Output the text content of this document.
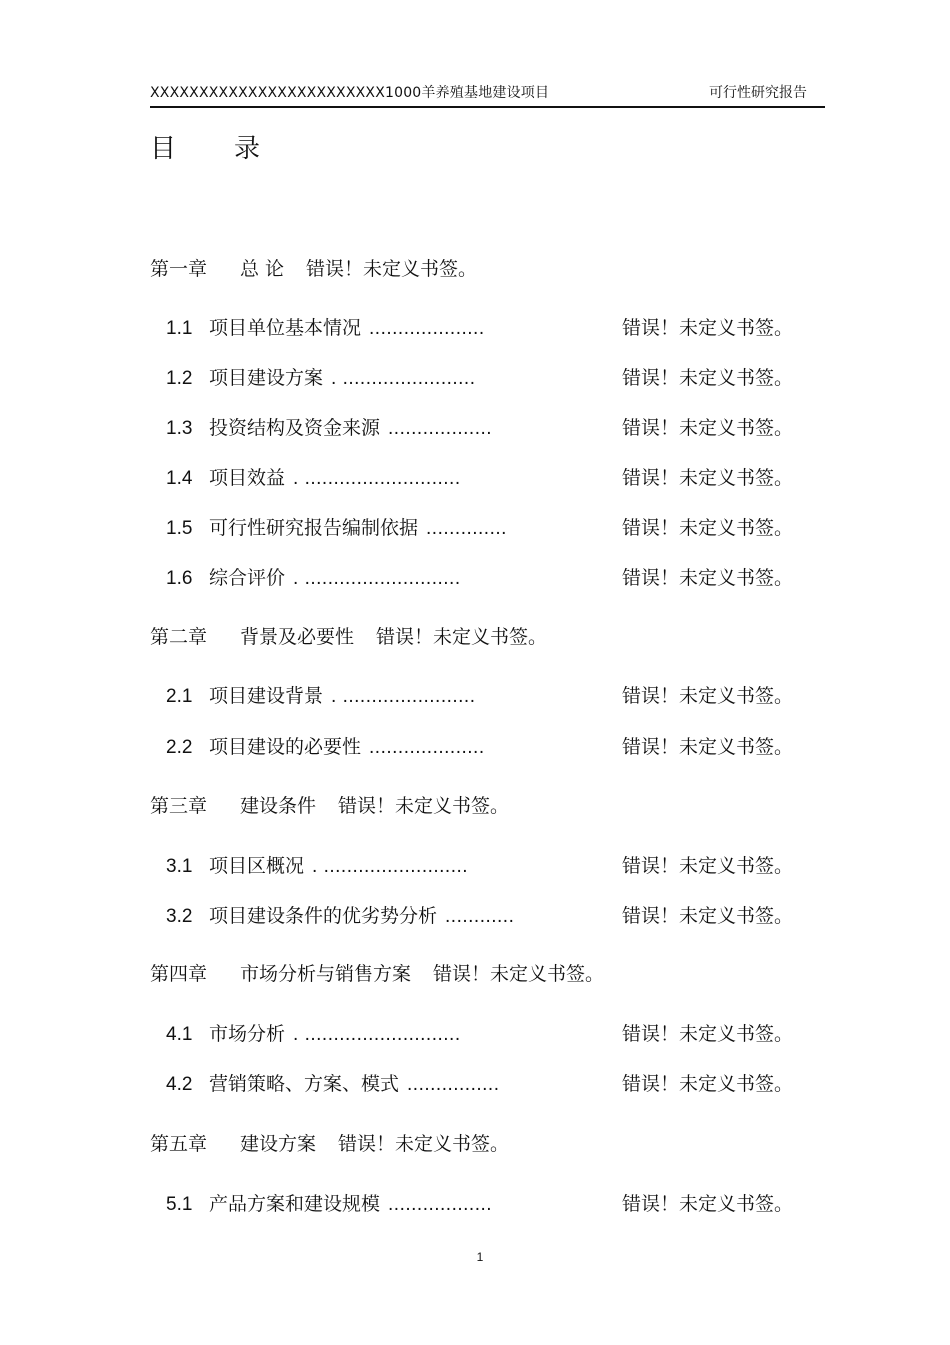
XXXXXXXXXXXXXXXXXXXXXXXX1000羊养殖基地建设项目	可行性研究报告
目 录
第一章 总 论 错误！未定义书签。
1.1 项目单位基本情况 ....................	错误！未定义书签。
1.2 项目建设方案 . .......................	错误！未定义书签。
1.3 投资结构及资金来源 ..................	错误！未定义书签。
1.4 项目效益 . ...........................	错误！未定义书签。
1.5 可行性研究报告编制依据 ..............	错误！未定义书签。
1.6 综合评价 . ...........................	错误！未定义书签。
第二章 背景及必要性 错误！未定义书签。
2.1 项目建设背景 . .......................	错误！未定义书签。
2.2 项目建设的必要性 ....................	错误！未定义书签。
第三章 建设条件 错误！未定义书签。
3.1 项目区概况 . .........................	错误！未定义书签。
3.2 项目建设条件的优劣势分析 ............	错误！未定义书签。
第四章 市场分析与销售方案 错误！未定义书签。
4.1 市场分析 . ...........................	错误！未定义书签。
4.2 营销策略、方案、模式 ................	错误！未定义书签。
第五章 建设方案 错误！未定义书签。
5.1 产品方案和建设规模 ..................	错误！未定义书签。
1
